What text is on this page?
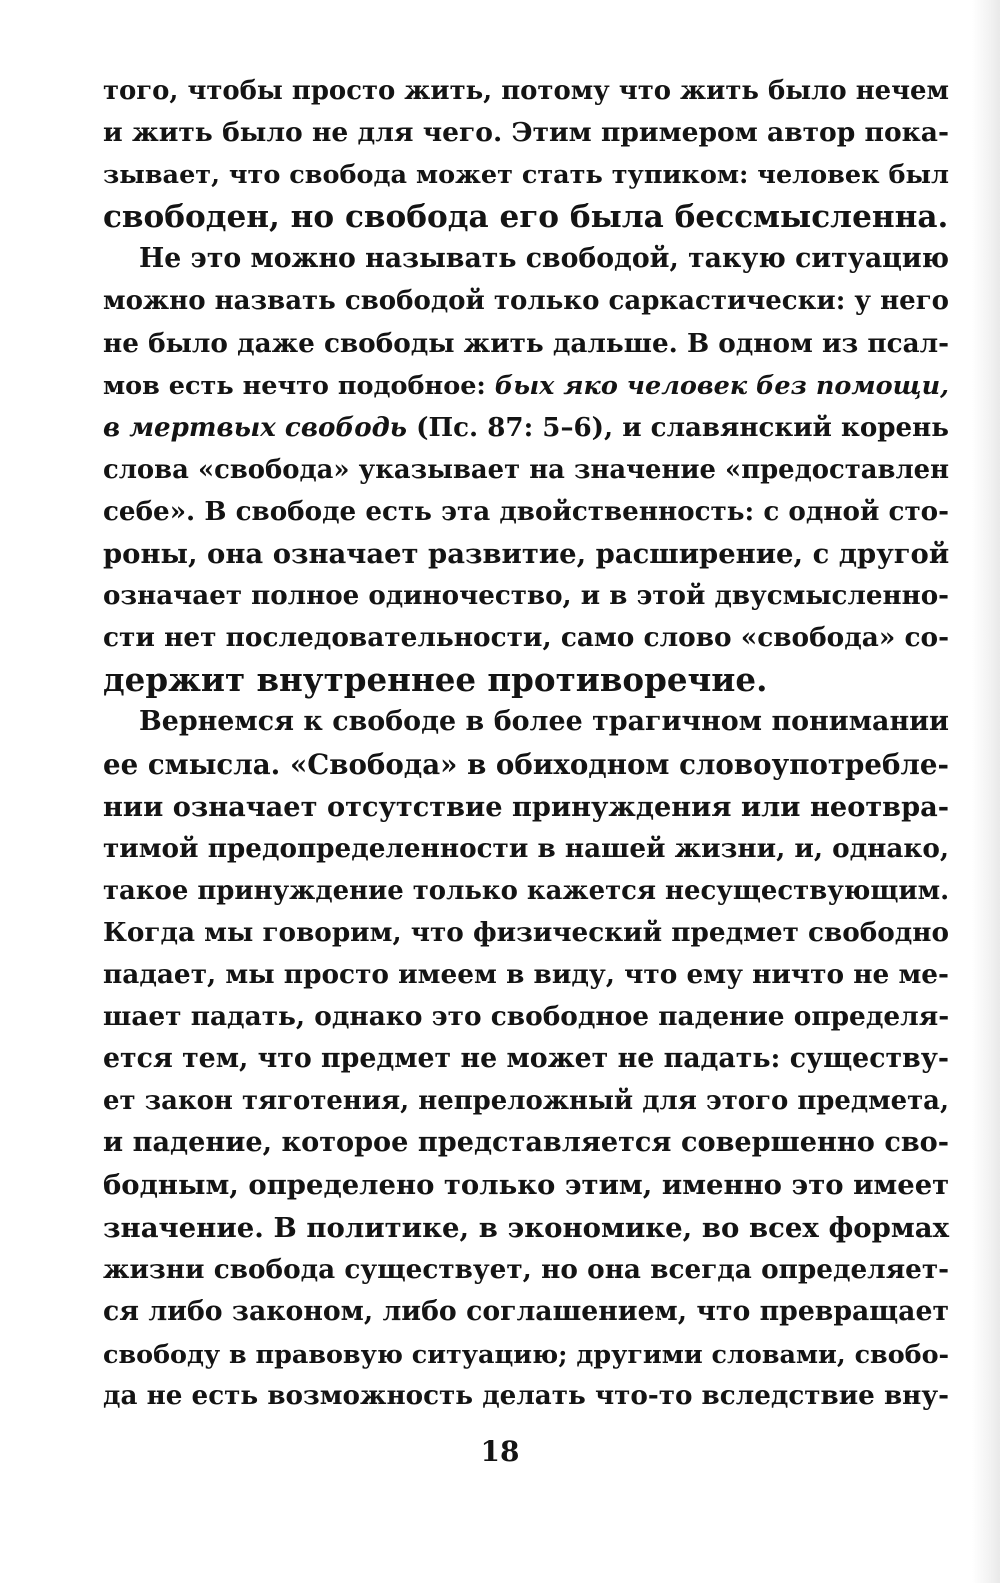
того, чтобы просто жить, потому что жить было нечем
и жить было не для чего. Этим примером автор пока-
зывает, что свобода может стать тупиком: человек был
свободен, но свобода его была бессмысленна.
Не это можно называть свободой, такую ситуацию
можно назвать свободой только саркастически: у него
не было даже свободы жить дальше. В одном из псал-
мов есть нечто подобное: бых яко человек без помощи,
в мертвых свободь (Пс. 87: 5–6), и славянский корень
слова «свобода» указывает на значение «предоставлен
себе». В свободе есть эта двойственность: с одной сто-
роны, она означает развитие, расширение, с другой
означает полное одиночество, и в этой двусмысленно-
сти нет последовательности, само слово «свобода» со-
держит внутреннее противоречие.
Вернемся к свободе в более трагичном понимании
ее смысла. «Свобода» в обиходном словоупотребле-
нии означает отсутствие принуждения или неотвра-
тимой предопределенности в нашей жизни, и, однако,
такое принуждение только кажется несуществующим.
Когда мы говорим, что физический предмет свободно
падает, мы просто имеем в виду, что ему ничто не ме-
шает падать, однако это свободное падение определя-
ется тем, что предмет не может не падать: существу-
ет закон тяготения, непреложный для этого предмета,
и падение, которое представляется совершенно сво-
бодным, определено только этим, именно это имеет
значение. В политике, в экономике, во всех формах
жизни свобода существует, но она всегда определяет-
ся либо законом, либо соглашением, что превращает
свободу в правовую ситуацию; другими словами, свобо-
да не есть возможность делать что-то вследствие вну-
18
